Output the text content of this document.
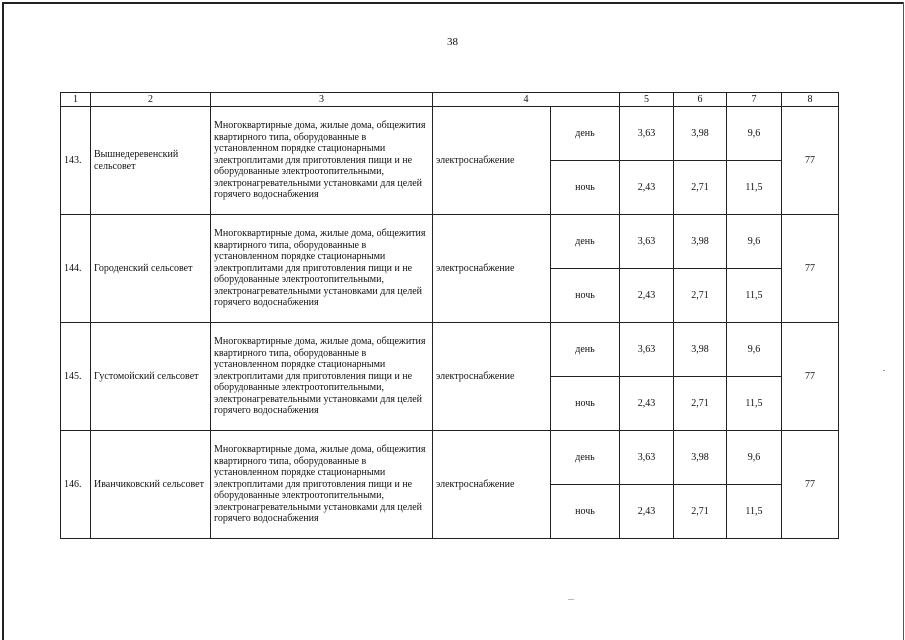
38
1	2	3	4		5	6	7	8
143.	Вышнедеревенский сельсовет	Многоквартирные дома, жилые дома, общежития квартирного типа, оборудованные в установленном порядке стационарными электроплитами для приготовления пищи и не оборудованные электроотопительными, электронагревательными установками для целей горячего водоснабжения	электроснабжение	день	3,63	3,98	9,6	77
				ночь	2,43	2,71	11,5	
144.	Городенский сельсовет	Многоквартирные дома, жилые дома, общежития квартирного типа, оборудованные в установленном порядке стационарными электроплитами для приготовления пищи и не оборудованные электроотопительными, электронагревательными установками для целей горячего водоснабжения	электроснабжение	день	3,63	3,98	9,6	77
				ночь	2,43	2,71	11,5	
145.	Густомойский сельсовет	Многоквартирные дома, жилые дома, общежития квартирного типа, оборудованные в установленном порядке стационарными электроплитами для приготовления пищи и не оборудованные электроотопительными, электронагревательными установками для целей горячего водоснабжения	электроснабжение	день	3,63	3,98	9,6	77
				ночь	2,43	2,71	11,5	
146.	Иванчиковский сельсовет	Многоквартирные дома, жилые дома, общежития квартирного типа, оборудованные в установленном порядке стационарными электроплитами для приготовления пищи и не оборудованные электроотопительными, электронагревательными установками для целей горячего водоснабжения	электроснабжение	день	3,63	3,98	9,6	77
				ночь	2,43	2,71	11,5	
